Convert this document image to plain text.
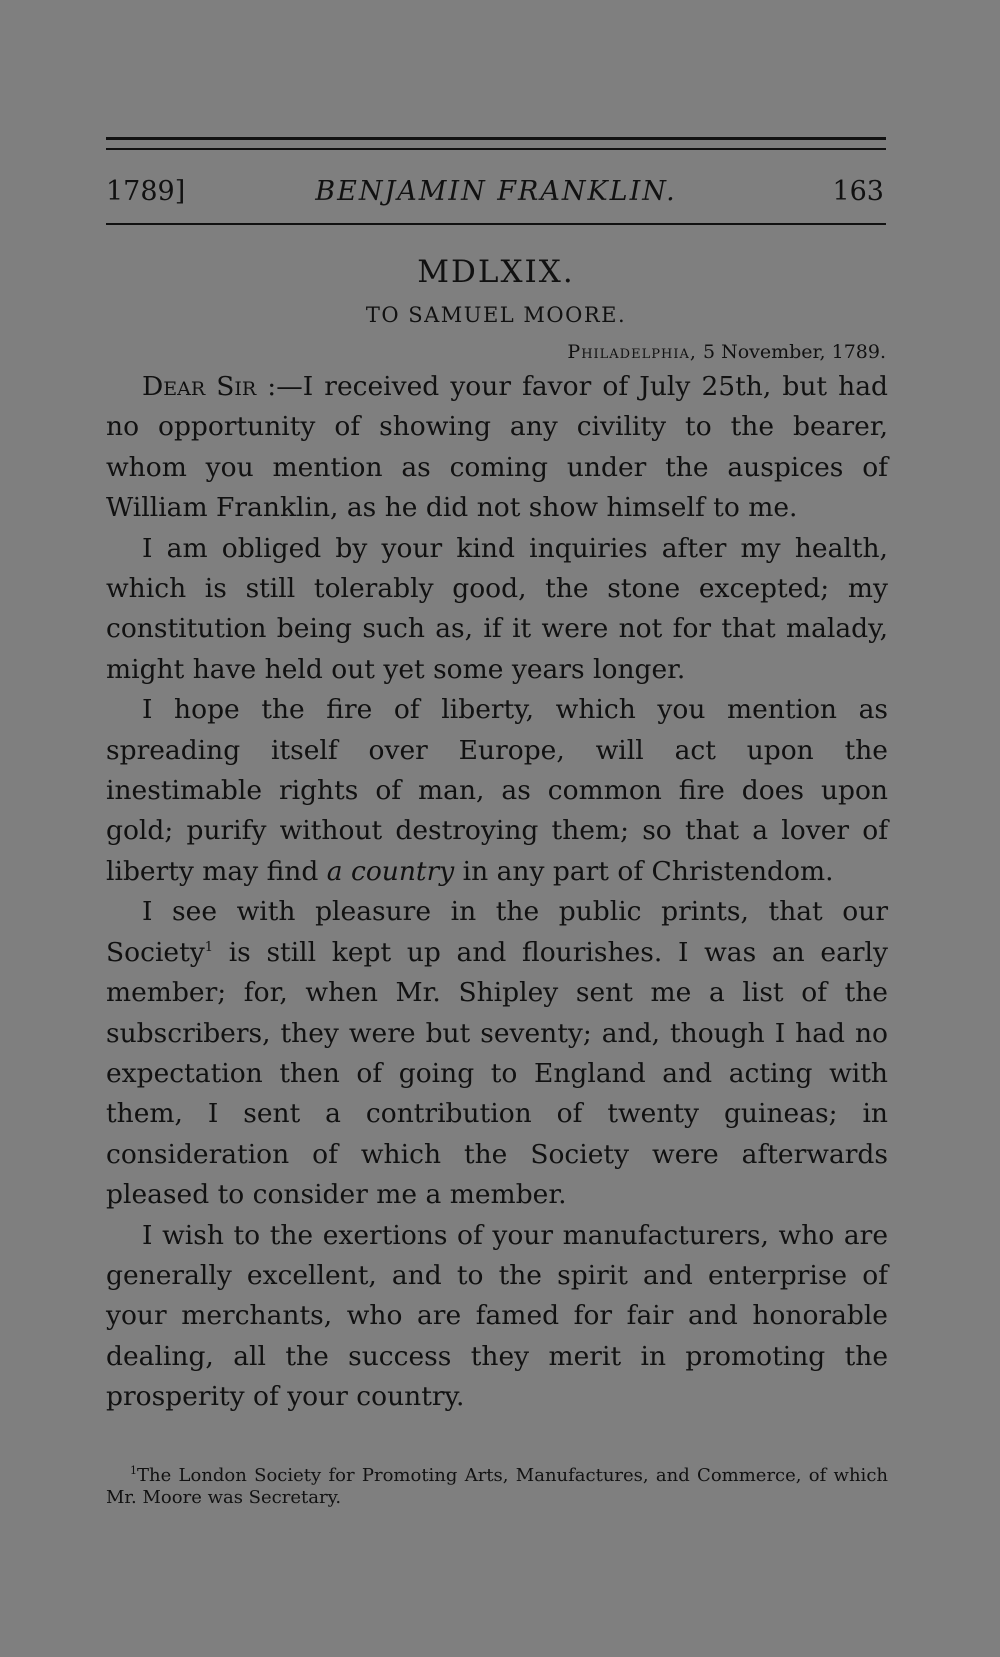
1789]	BENJAMIN FRANKLIN.	163
MDLXIX.
TO SAMUEL MOORE.
Philadelphia, 5 November, 1789.

Dear Sir :—I received your favor of July 25th, but had no opportunity of showing any civility to the bearer, whom you mention as coming under the auspices of William Franklin, as he did not show himself to me.

I am obliged by your kind inquiries after my health, which is still tolerably good, the stone excepted; my constitution being such as, if it were not for that malady, might have held out yet some years longer.

I hope the fire of liberty, which you mention as spreading itself over Europe, will act upon the inestimable rights of man, as common fire does upon gold; purify without destroying them; so that a lover of liberty may find a country in any part of Christendom.

I see with pleasure in the public prints, that our Society$^1$ is still kept up and flourishes. I was an early member; for, when Mr. Shipley sent me a list of the subscribers, they were but seventy; and, though I had no expectation then of going to England and acting with them, I sent a contribution of twenty guineas; in consideration of which the Society were afterwards pleased to consider me a member.

I wish to the exertions of your manufacturers, who are generally excellent, and to the spirit and enterprise of your merchants, who are famed for fair and honorable dealing, all the success they merit in promoting the prosperity of your country.

$^1$The London Society for Promoting Arts, Manufactures, and Commerce, of which Mr. Moore was Secretary.
